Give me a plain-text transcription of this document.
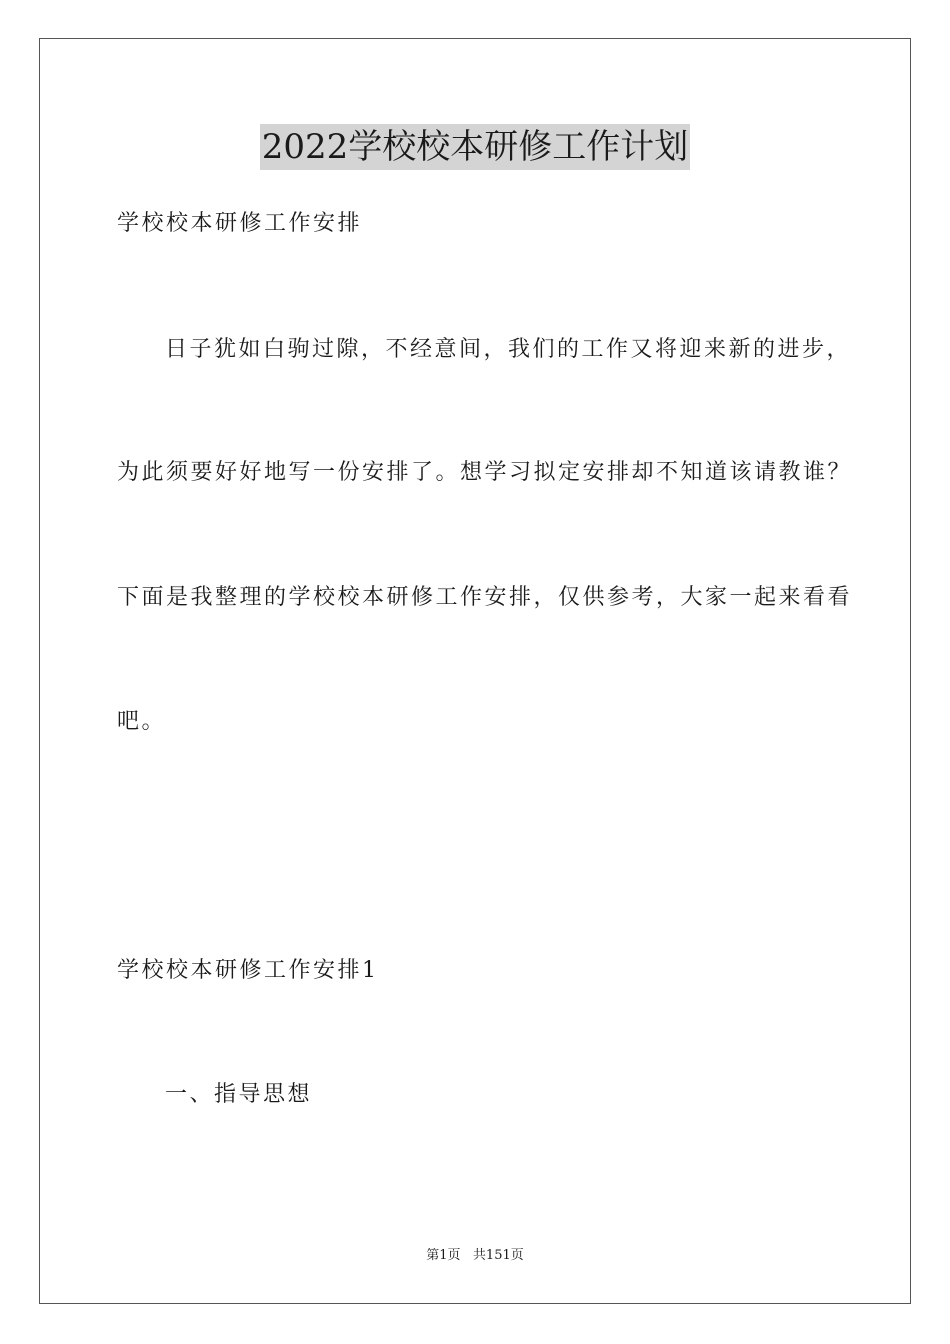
2022学校校本研修工作计划
学校校本研修工作安排
日子犹如白驹过隙，不经意间，我们的工作又将迎来新的进步，
为此须要好好地写一份安排了。想学习拟定安排却不知道该请教谁？
下面是我整理的学校校本研修工作安排，仅供参考，大家一起来看看
吧。
学校校本研修工作安排1
一、指导思想
第1页   共151页
